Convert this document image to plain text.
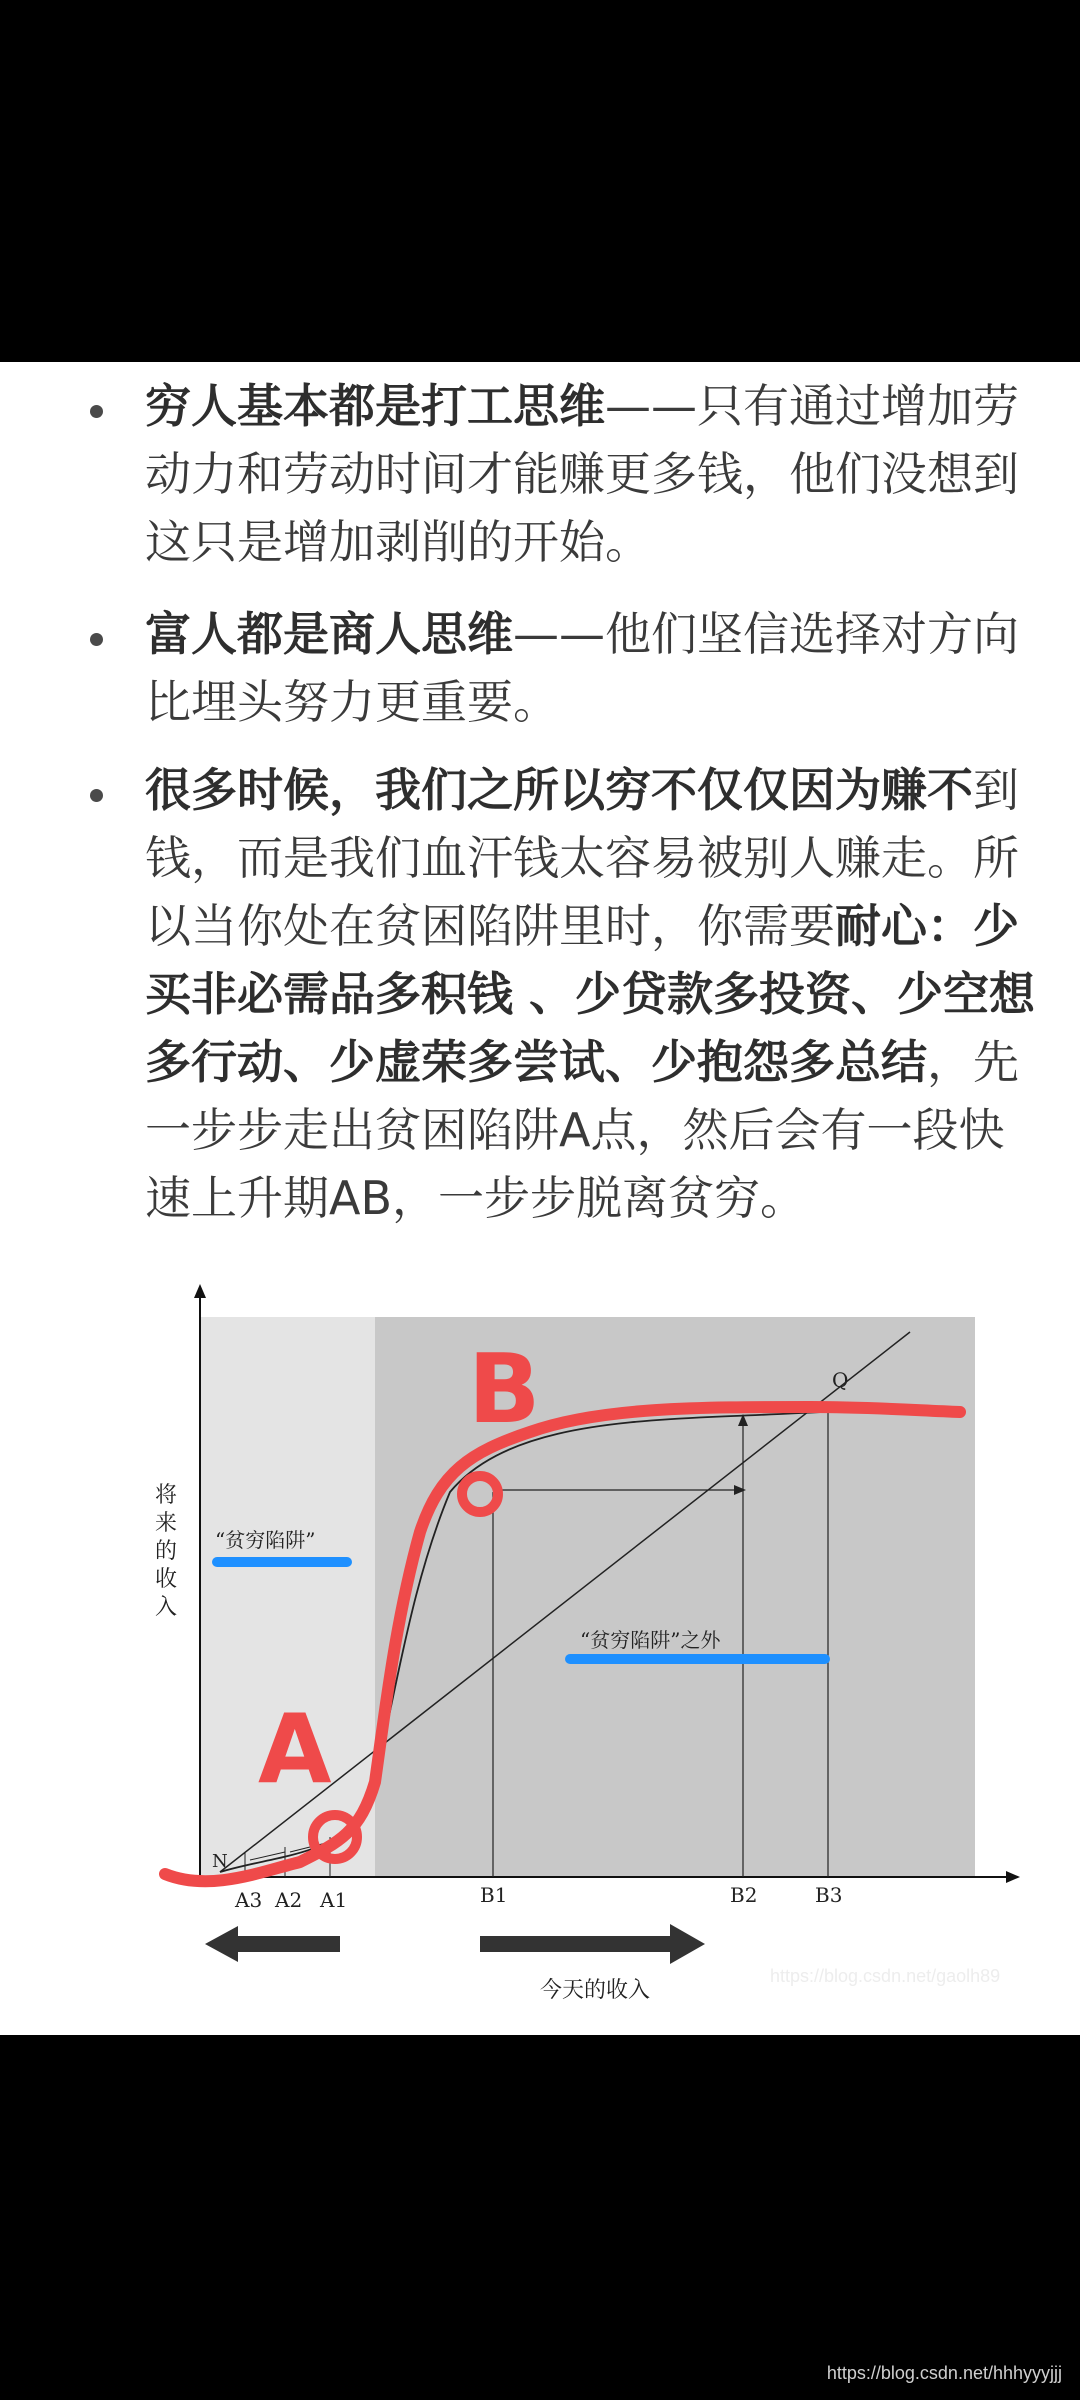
穷人基本都是打工思维——只有通过增加劳动力和劳动时间才能赚更多钱，他们没想到这只是增加剥削的开始。
富人都是商人思维——他们坚信选择对方向比埋头努力更重要。
很多时候，我们之所以穷不仅仅因为赚不到钱，而是我们血汗钱太容易被别人赚走。所以当你处在贫困陷阱里时，你需要耐心：少买非必需品多积钱 、少贷款多投资、少空想多行动、少虚荣多尝试、少抱怨多总结，先一步步走出贫困陷阱A点，然后会有一段快速上升期AB，一步步脱离贫穷。
Q
N
A3 A2 A1	B1	B2	B3
将 来 的 收 入
“贫穷陷阱”
“贫穷陷阱”之外
今天的收入
B
A
https://blog.csdn.net/gaolh89
https://blog.csdn.net/hhhyyyjjj
